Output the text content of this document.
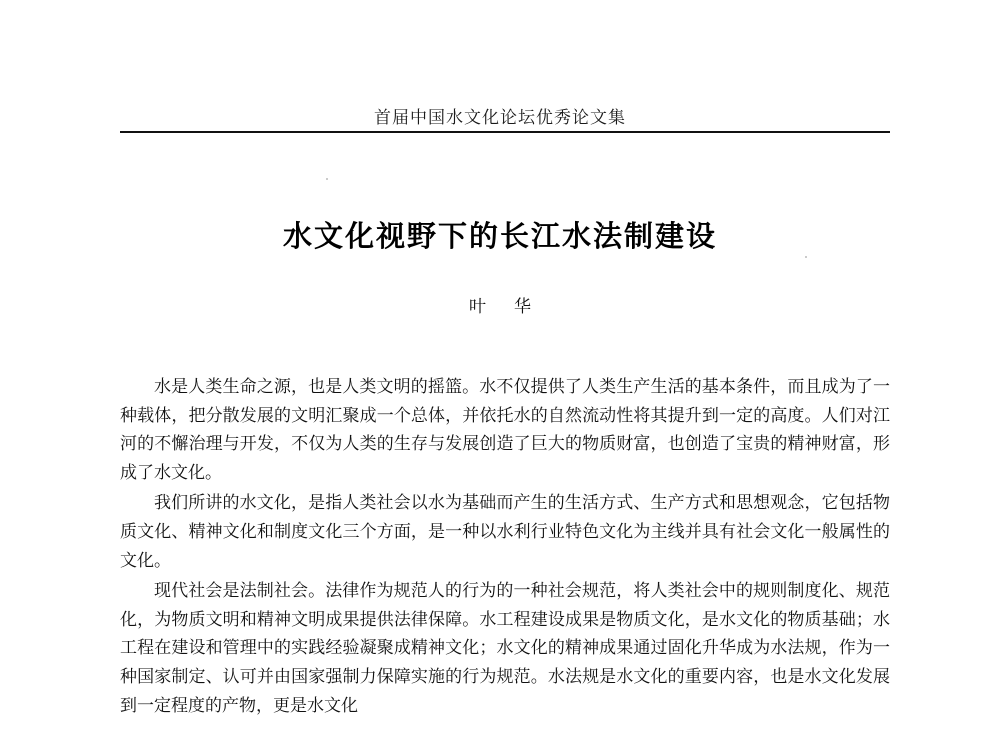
首届中国水文化论坛优秀论文集
水文化视野下的长江水法制建设
叶华

水是人类生命之源，也是人类文明的摇篮。水不仅提供了人类生产生活的基本条件，而且成为了一种载体，把分散发展的文明汇聚成一个总体，并依托水的自然流动性将其提升到一定的高度。人们对江河的不懈治理与开发，不仅为人类的生存与发展创造了巨大的物质财富，也创造了宝贵的精神财富，形成了水文化。

我们所讲的水文化，是指人类社会以水为基础而产生的生活方式、生产方式和思想观念，它包括物质文化、精神文化和制度文化三个方面，是一种以水利行业特色文化为主线并具有社会文化一般属性的文化。

现代社会是法制社会。法律作为规范人的行为的一种社会规范，将人类社会中的规则制度化、规范化，为物质文明和精神文明成果提供法律保障。水工程建设成果是物质文化，是水文化的物质基础；水工程在建设和管理中的实践经验凝聚成精神文化；水文化的精神成果通过固化升华成为水法规，作为一种国家制定、认可并由国家强制力保障实施的行为规范。水法规是水文化的重要内容，也是水文化发展到一定程度的产物，更是水文化
